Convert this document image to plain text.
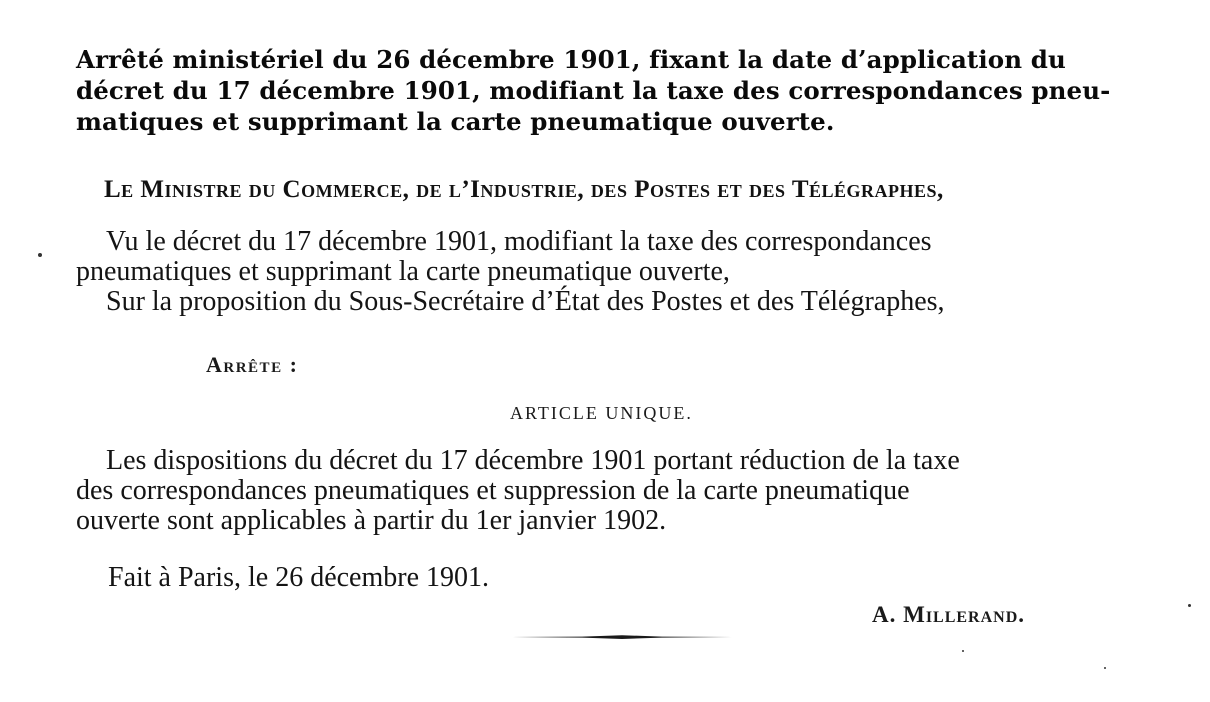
Arrêté ministériel du 26 décembre 1901, fixant la date d’application du
décret du 17 décembre 1901, modifiant la taxe des correspondances pneu-
matiques et supprimant la carte pneumatique ouverte.
Le Ministre du Commerce, de l’Industrie, des Postes et des Télégraphes,
Vu le décret du 17 décembre 1901, modifiant la taxe des correspondances
pneumatiques et supprimant la carte pneumatique ouverte,
Sur la proposition du Sous-Secrétaire d’État des Postes et des Télégraphes,
Arrête :
ARTICLE UNIQUE.
Les dispositions du décret du 17 décembre 1901 portant réduction de la taxe
des correspondances pneumatiques et suppression de la carte pneumatique
ouverte sont applicables à partir du 1er janvier 1902.
Fait à Paris, le 26 décembre 1901.
A. Millerand.
